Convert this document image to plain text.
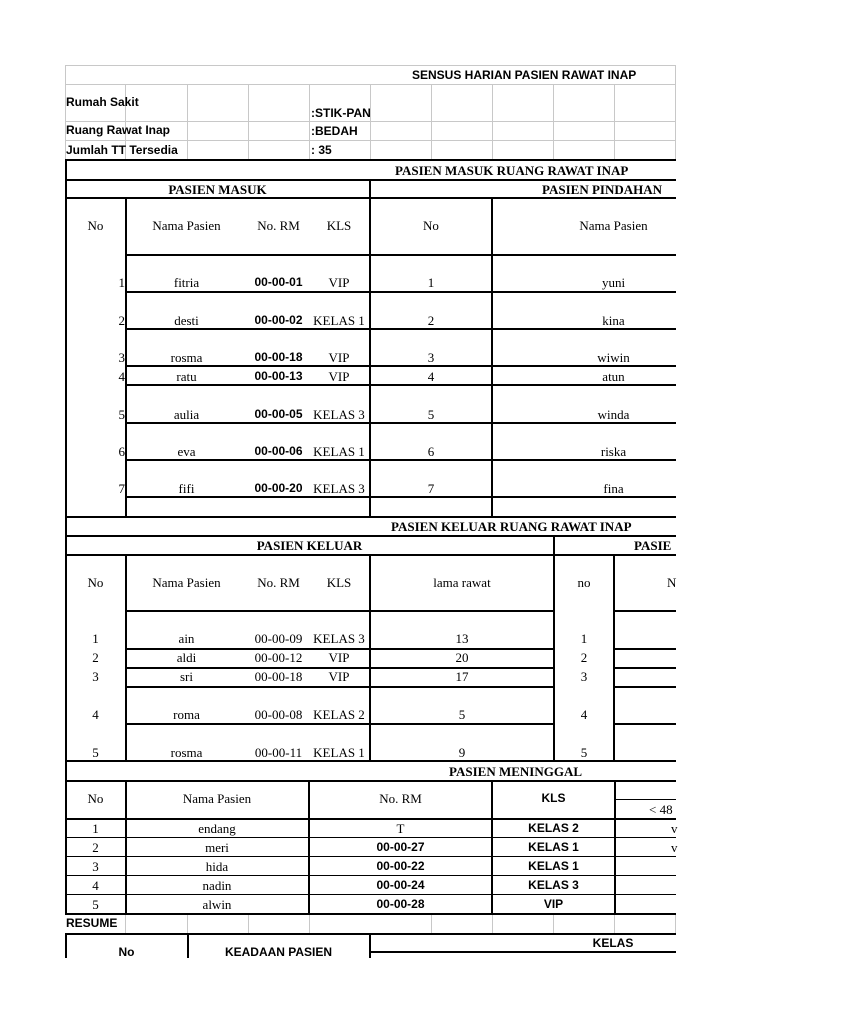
SENSUS HARIAN PASIEN RAWAT INAP
Rumah Sakit
:STIK-PAN
Ruang Rawat Inap	:BEDAH
Jumlah TT Tersedia	: 35
PASIEN MASUK RUANG RAWAT INAP
PASIEN MASUK	PASIEN PINDAHAN
No	Nama Pasien	No. RM	KLS	No	Nama Pasien
1	fitria	00-00-01	VIP	1	yuni
2	desti	00-00-02 KELAS 1	2	kina
3	rosma	00-00-18	VIP	3	wiwin
4	ratu	00-00-13	VIP	4	atun
5	aulia	00-00-05 KELAS 3	5	winda
6	eva	00-00-06 KELAS 1	6	riska
7	fifi	00-00-20 KELAS 3	7	fina
PASIEN KELUAR RUANG RAWAT INAP
PASIEN KELUAR	PASIE
No	Nama Pasien	No. RM	KLS	lama rawat	no	N
1	ain	00-00-09 KELAS 3	13	1
2	aldi	00-00-12	VIP	20	2
3	sri	00-00-18	VIP	17	3
4	roma	00-00-08 KELAS 2	5	4
5	rosma	00-00-11 KELAS 1	9	5
PASIEN MENINGGAL
No	Nama Pasien	No. RM	KLS
< 48
1	endang	T	KELAS 2	v
2	meri	00-00-27	KELAS 1	v
3	hida	00-00-22	KELAS 1
4	nadin	00-00-24	KELAS 3
5	alwin	00-00-28	VIP
RESUME
No	KEADAAN PASIEN
KELAS
